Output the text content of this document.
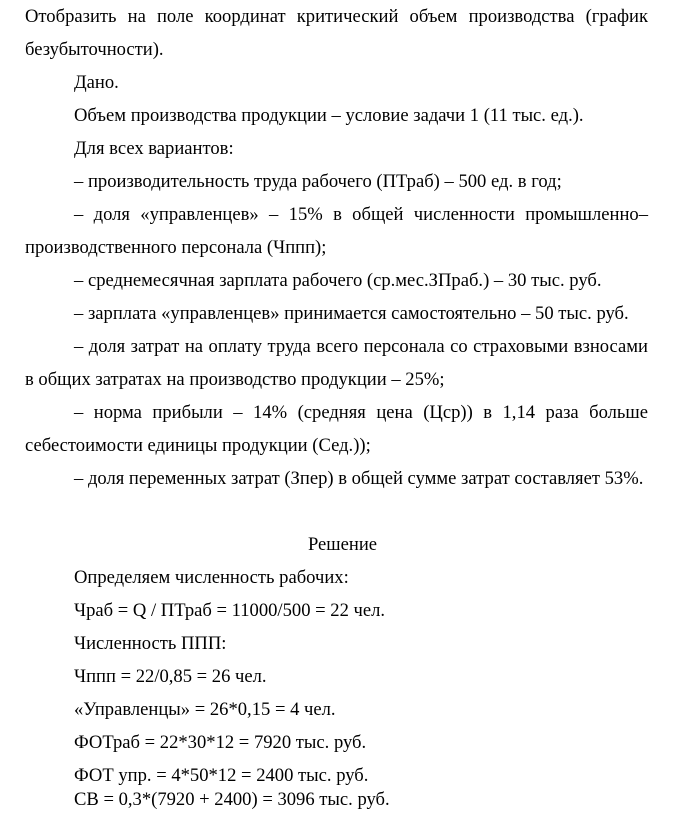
Отобразить на поле координат критический объем производства (график
безубыточности).
Дано.
Объем производства продукции – условие задачи 1 (11 тыс. ед.).
Для всех вариантов:
– производительность труда рабочего (ПТраб) – 500 ед. в год;
– доля «управленцев» – 15% в общей численности промышленно–
производственного персонала (Чппп);
– среднемесячная зарплата рабочего (ср.мес.ЗПраб.) – 30 тыс. руб.
– зарплата «управленцев» принимается самостоятельно – 50 тыс. руб.
– доля затрат на оплату труда всего персонала со страховыми взносами
в общих затратах на производство продукции – 25%;
– норма прибыли – 14% (средняя цена (Цср)) в 1,14 раза больше
себестоимости единицы продукции (Сед.));
– доля переменных затрат (Зпер) в общей сумме затрат составляет 53%.
Решение
Определяем численность рабочих:
Чраб = Q / ПТраб = 11000/500 = 22 чел.
Численность ППП:
Чппп = 22/0,85 = 26 чел.
«Управленцы» = 26*0,15 = 4 чел.
ФОТраб = 22*30*12 = 7920 тыс. руб.
ФОТ упр. = 4*50*12 = 2400 тыс. руб.
СВ = 0,3*(7920 + 2400) = 3096 тыс. руб.
